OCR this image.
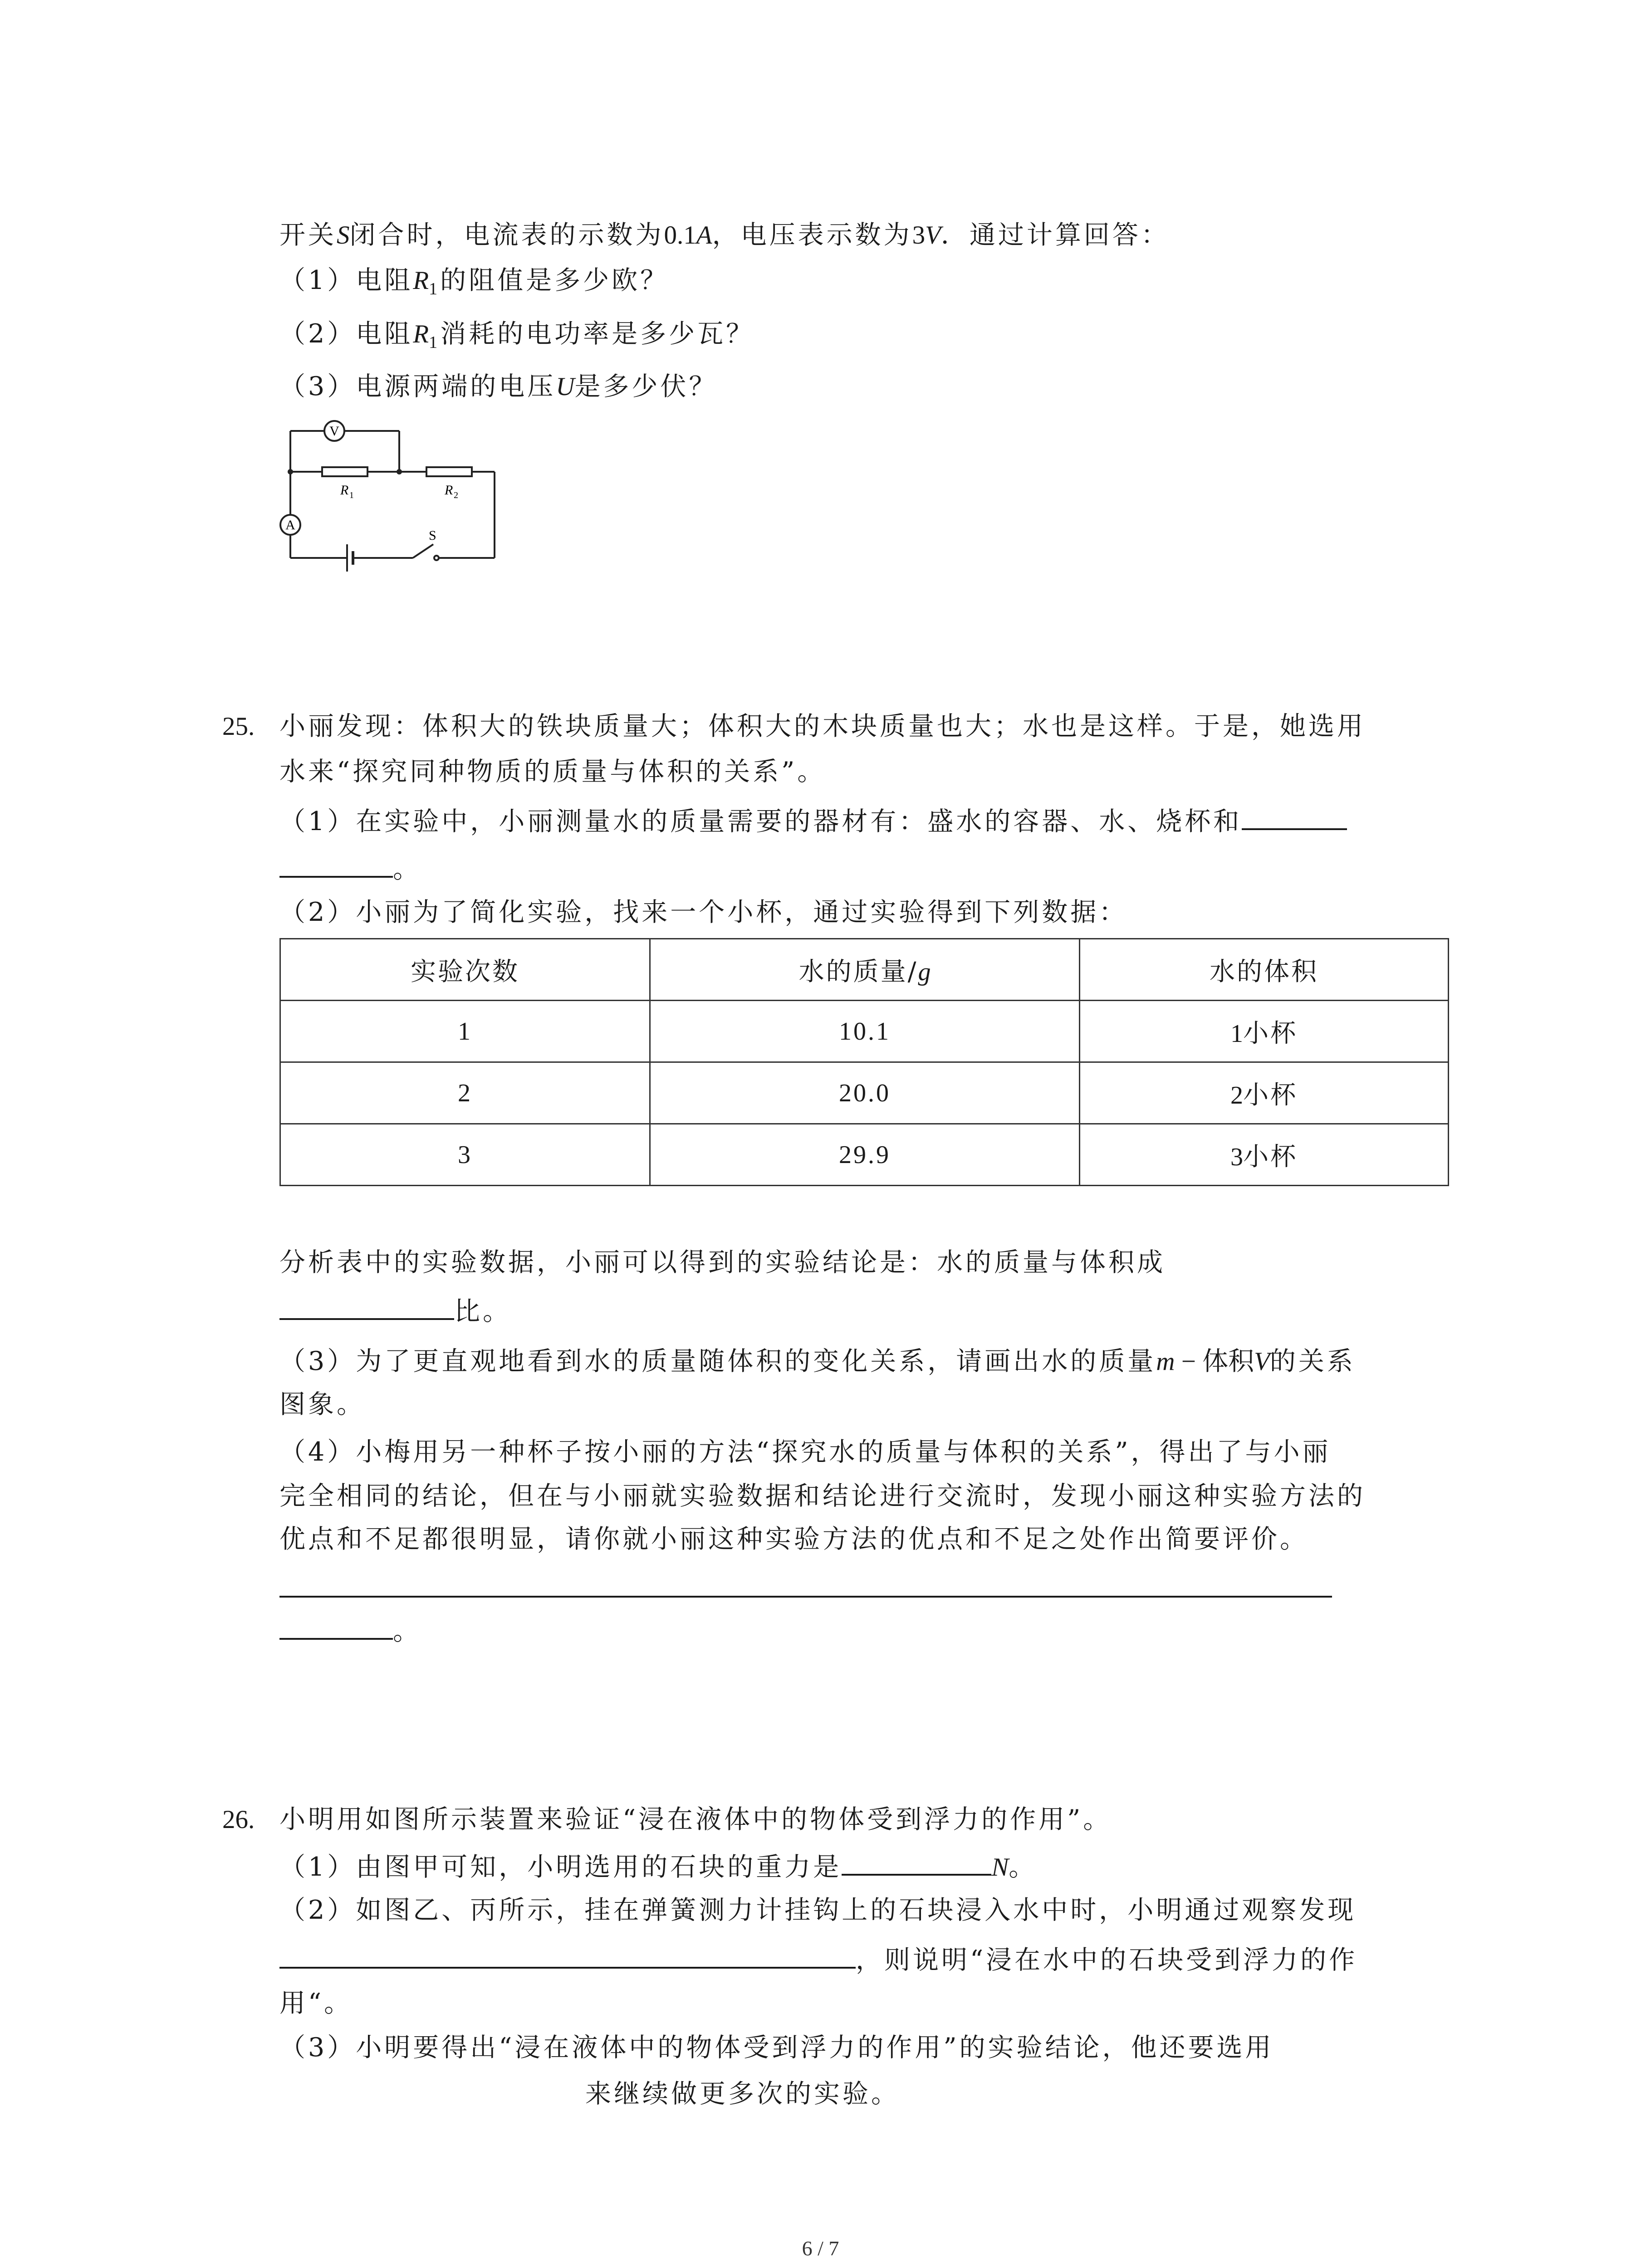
开关S闭合时，电流表的示数为0.1A，电压表示数为3V．通过计算回答：
（1）电阻$R_1$的阻值是多少欧？
（2）电阻$R_1$消耗的电功率是多少瓦？
（3）电源两端的电压U是多少伏？
V
A
R 1	R 2
S
25. 小丽发现：体积大的铁块质量大；体积大的木块质量也大；水也是这样。于是，她选用
水来“探究同种物质的质量与体积的关系”。
（1）在实验中，小丽测量水的质量需要的器材有：盛水的容器、水、烧杯和
。
（2）小丽为了简化实验，找来一个小杯，通过实验得到下列数据：
实验次数	水的质量/g	水的体积
1	10.1	1小杯
2	20.0	2小杯
3	29.9	3小杯
分析表中的实验数据，小丽可以得到的实验结论是：水的质量与体积成
比。
（3）为了更直观地看到水的质量随体积的变化关系，请画出水的质量m − 体积V的关系
图象。
（4）小梅用另一种杯子按小丽的方法“探究水的质量与体积的关系”，得出了与小丽
完全相同的结论，但在与小丽就实验数据和结论进行交流时，发现小丽这种实验方法的
优点和不足都很明显，请你就小丽这种实验方法的优点和不足之处作出简要评价。
。
26. 小明用如图所示装置来验证“浸在液体中的物体受到浮力的作用”。
（1）由图甲可知，小明选用的石块的重力是	N。
（2）如图乙、丙所示，挂在弹簧测力计挂钩上的石块浸入水中时，小明通过观察发现
，则说明“浸在水中的石块受到浮力的作
用“。
（3）小明要得出“浸在液体中的物体受到浮力的作用”的实验结论，他还要选用
来继续做更多次的实验。
6 / 7
